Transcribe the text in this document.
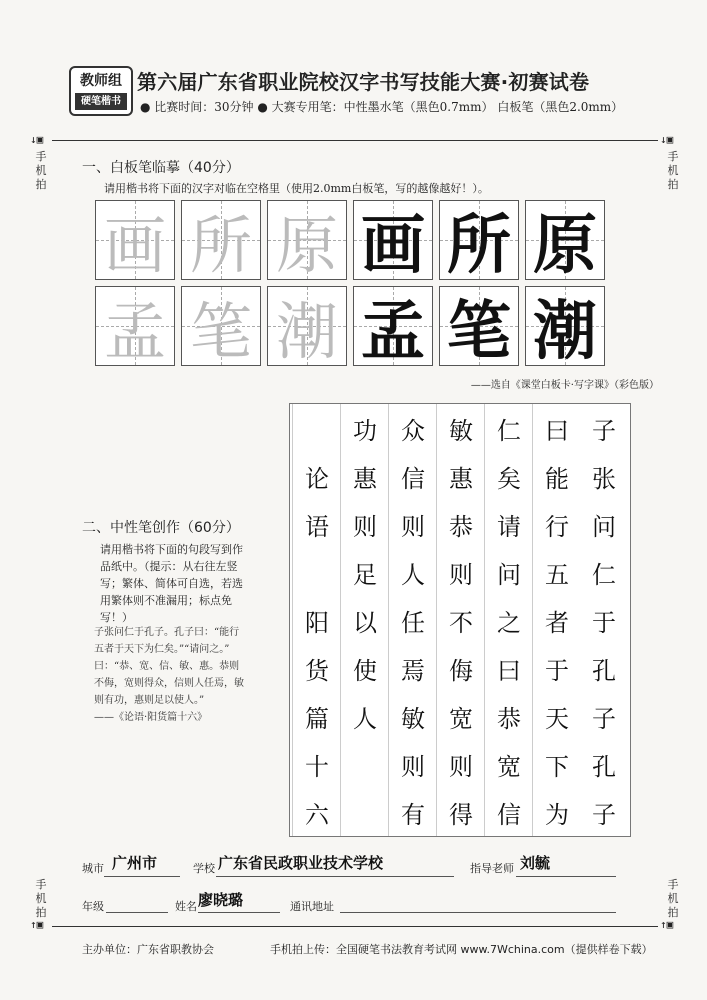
教师组
硬笔楷书
第六届广东省职业院校汉字书写技能大赛·初赛试卷
● 比赛时间：30分钟 ● 大赛专用笔：中性墨水笔（黑色0.7mm） 白板笔（黑色2.0mm）
↓▣	↓▣
手机拍
手机拍
手机拍
手机拍
↑▣	↑▣
一、白板笔临摹（40分）
请用楷书将下面的汉字对临在空格里（使用2.0mm白板笔，写的越像越好！）。
画 所 原 画 所 原
孟 笔 潮 孟 笔 潮
——选自《课堂白板卡·写字课》（彩色版）
二、中性笔创作（60分）
请用楷书将下面的句段写到作品纸中。（提示：从右往左竖写；繁体、简体可自选，若选用繁体则不准漏用；标点免写！）
子张问仁于孔子。孔子曰：“能行五者于天下为仁矣。”“请问之。” 曰：“恭、宽、信、敏、惠。恭则不侮，宽则得众，信则人任焉，敏则有功，惠则足以使人。”
——《论语·阳货篇十六》
子
张
问
仁
于
孔
子
孔
子
曰
能
行
五
者
于
天
下
为
仁
矣
请
问
之
曰
恭
宽
信
敏
惠
恭
则
不
侮
宽
则
得
众
信
则
人
任
焉
敏
则
有
功
惠
则
足
以
使
人
论
语
阳
货
篇
十
六
城市 广州市	学校 广东省民政职业技术学校	指导老师 刘毓
年级	姓名 廖晓璐	通讯地址
主办单位：广东省职教协会	手机拍上传：全国硬笔书法教育考试网 www.7Wchina.com（提供样卷下载）
